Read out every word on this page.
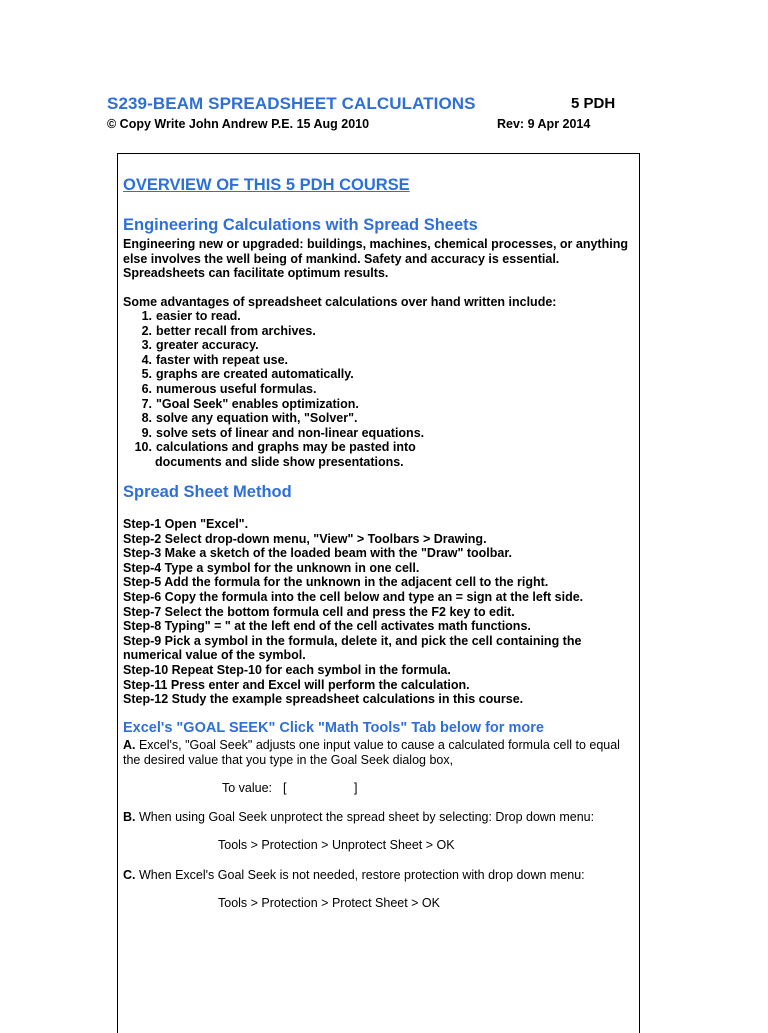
S239-BEAM SPREADSHEET CALCULATIONS	5 PDH
© Copy Write John Andrew P.E. 15 Aug 2010	Rev: 9 Apr 2014
OVERVIEW OF THIS 5 PDH COURSE
Engineering Calculations with Spread Sheets
Engineering new or upgraded: buildings, machines, chemical processes, or anything
else involves the well being of mankind. Safety and accuracy is essential.
Spreadsheets can facilitate optimum results.
Some advantages of spreadsheet calculations over hand written include:
1. easier to read.
2. better recall from archives.
3. greater accuracy.
4. faster with repeat use.
5. graphs are created automatically.
6. numerous useful formulas.
7. "Goal Seek" enables optimization.
8. solve any equation with, "Solver".
9. solve sets of linear and non-linear equations.
10. calculations and graphs may be pasted into
documents and slide show presentations.
Spread Sheet Method
Step-1 Open "Excel".
Step-2 Select drop-down menu, "View" > Toolbars > Drawing.
Step-3 Make a sketch of the loaded beam with the "Draw" toolbar.
Step-4 Type a symbol for the unknown in one cell.
Step-5 Add the formula for the unknown in the adjacent cell to the right.
Step-6 Copy the formula into the cell below and type an = sign at the left side.
Step-7 Select the bottom formula cell and press the F2 key to edit.
Step-8 Typing" = " at the left end of the cell activates math functions.
Step-9 Pick a symbol in the formula, delete it, and pick the cell containing the
numerical value of the symbol.
Step-10 Repeat Step-10 for each symbol in the formula.
Step-11 Press enter and Excel will perform the calculation.
Step-12 Study the example spreadsheet calculations in this course.
Excel's "GOAL SEEK" Click "Math Tools" Tab below for more
A. Excel's, "Goal Seek" adjusts one input value to cause a calculated formula cell to equal
the desired value that you type in the Goal Seek dialog box,
To value: [	]
B. When using Goal Seek unprotect the spread sheet by selecting: Drop down menu:
Tools > Protection > Unprotect Sheet > OK
C. When Excel's Goal Seek is not needed, restore protection with drop down menu:
Tools > Protection > Protect Sheet > OK
